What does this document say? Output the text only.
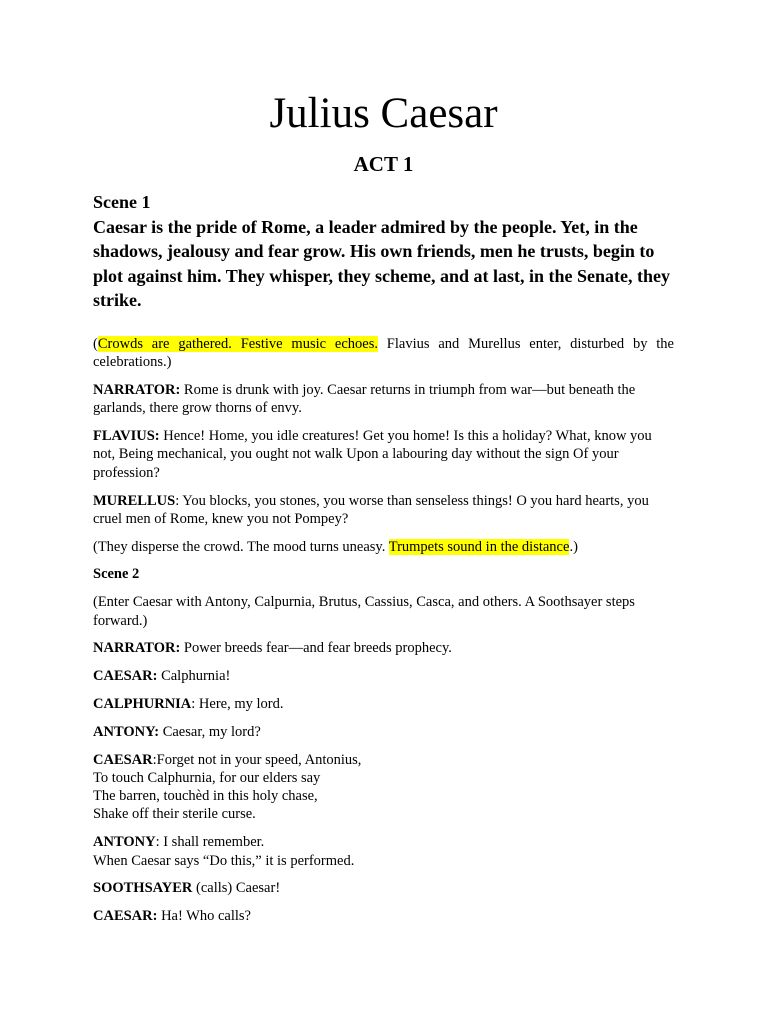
Julius Caesar
ACT 1
Scene 1
Caesar is the pride of Rome, a leader admired by the people. Yet, in the shadows, jealousy and fear grow. His own friends, men he trusts, begin to plot against him. They whisper, they scheme, and at last, in the Senate, they strike.

(Crowds are gathered. Festive music echoes. Flavius and Murellus enter, disturbed by the celebrations.)

NARRATOR: Rome is drunk with joy. Caesar returns in triumph from war—but beneath the garlands, there grow thorns of envy.

FLAVIUS: Hence! Home, you idle creatures! Get you home! Is this a holiday? What, know you not, Being mechanical, you ought not walk Upon a labouring day without the sign Of your profession?

MURELLUS: You blocks, you stones, you worse than senseless things! O you hard hearts, you cruel men of Rome, knew you not Pompey?

(They disperse the crowd. The mood turns uneasy. Trumpets sound in the distance.)

Scene 2

(Enter Caesar with Antony, Calpurnia, Brutus, Cassius, Casca, and others. A Soothsayer steps forward.)

NARRATOR: Power breeds fear—and fear breeds prophecy.

CAESAR: Calphurnia!

CALPHURNIA: Here, my lord.

ANTONY: Caesar, my lord?

CAESAR:Forget not in your speed, Antonius,
To touch Calphurnia, for our elders say
The barren, touchèd in this holy chase,
Shake off their sterile curse.

ANTONY: I shall remember.
When Caesar says “Do this,” it is performed.

SOOTHSAYER (calls) Caesar!

CAESAR: Ha! Who calls?
